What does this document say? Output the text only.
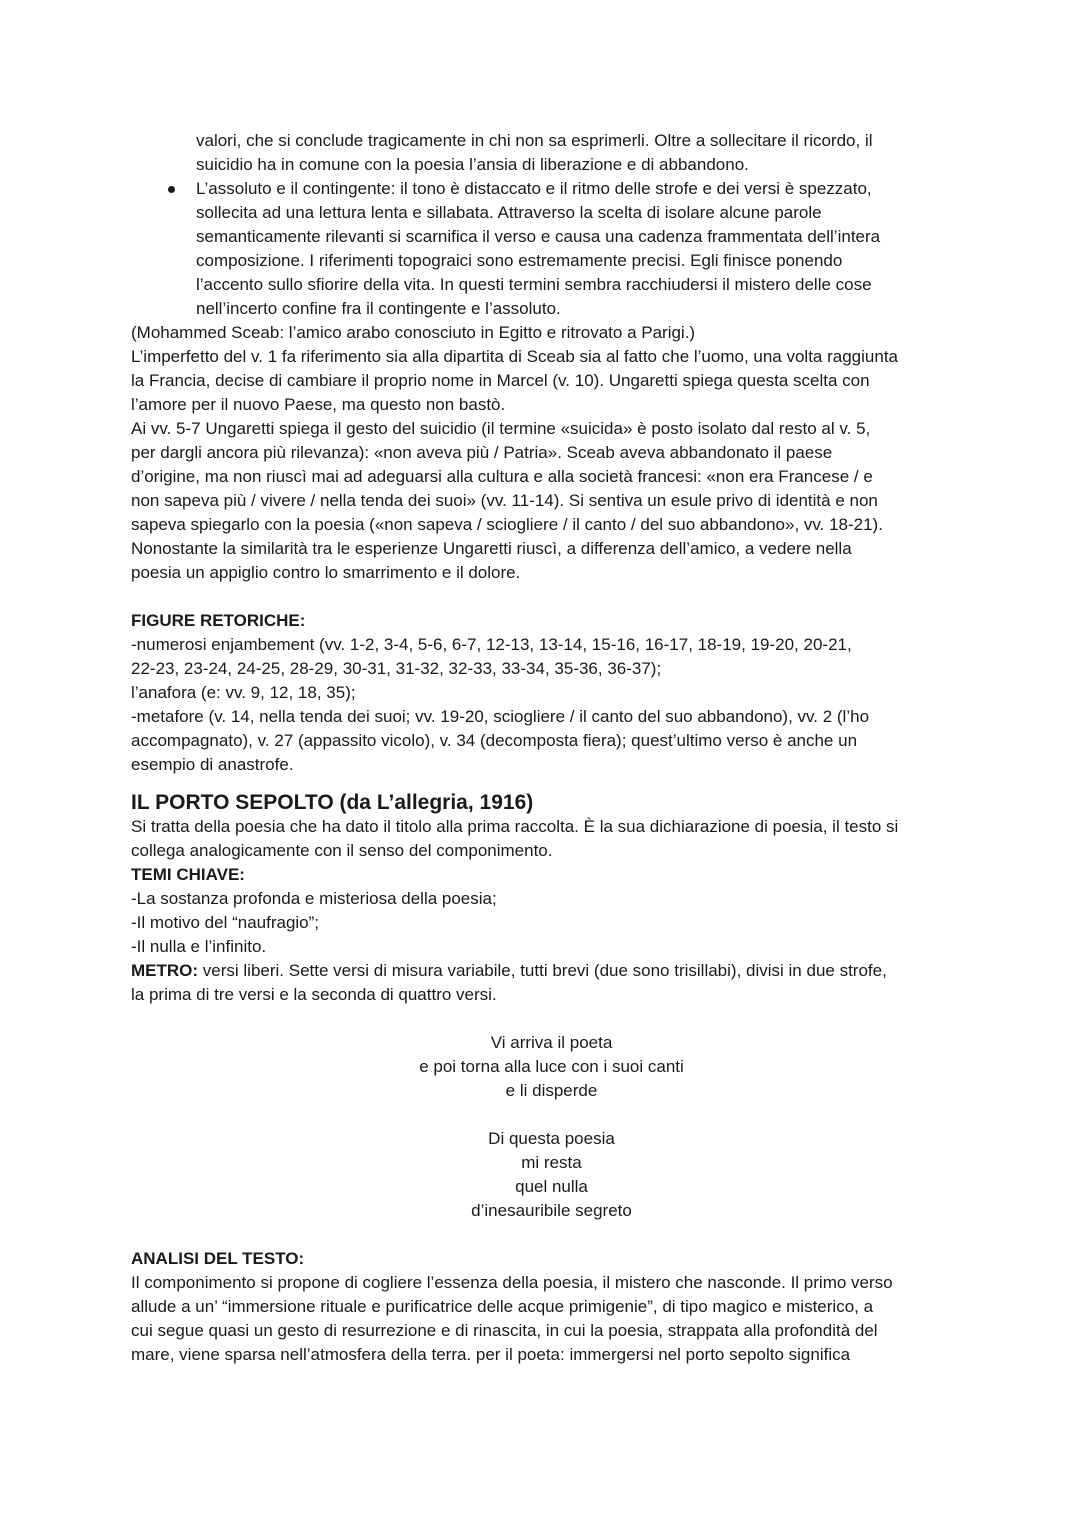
valori, che si conclude tragicamente in chi non sa esprimerli. Oltre a sollecitare il ricordo, il

suicidio ha in comune con la poesia l’ansia di liberazione e di abbandono.

L’assoluto e il contingente: il tono è distaccato e il ritmo delle strofe e dei versi è spezzato,

sollecita ad una lettura lenta e sillabata. Attraverso la scelta di isolare alcune parole

semanticamente rilevanti si scarnifica il verso e causa una cadenza frammentata dell’intera

composizione. I riferimenti topograici sono estremamente precisi. Egli finisce ponendo

l’accento sullo sfiorire della vita. In questi termini sembra racchiudersi il mistero delle cose

nell’incerto confine fra il contingente e l’assoluto.

(Mohammed Sceab: l’amico arabo conosciuto in Egitto e ritrovato a Parigi.)

L’imperfetto del v. 1 fa riferimento sia alla dipartita di Sceab sia al fatto che l’uomo, una volta raggiunta

la Francia, decise di cambiare il proprio nome in Marcel (v. 10). Ungaretti spiega questa scelta con

l’amore per il nuovo Paese, ma questo non bastò.

Ai vv. 5-7 Ungaretti spiega il gesto del suicidio (il termine «suicida» è posto isolato dal resto al v. 5,

per dargli ancora più rilevanza): «non aveva più / Patria». Sceab aveva abbandonato il paese

d’origine, ma non riuscì mai ad adeguarsi alla cultura e alla società francesi: «non era Francese / e

non sapeva più / vivere / nella tenda dei suoi» (vv. 11-14). Si sentiva un esule privo di identità e non

sapeva spiegarlo con la poesia («non sapeva / sciogliere / il canto / del suo abbandono», vv. 18-21).

Nonostante la similarità tra le esperienze Ungaretti riuscì, a differenza dell’amico, a vedere nella

poesia un appiglio contro lo smarrimento e il dolore.

FIGURE RETORICHE:

-numerosi enjambement (vv. 1-2, 3-4, 5-6, 6-7, 12-13, 13-14, 15-16, 16-17, 18-19, 19-20, 20-21,

22-23, 23-24, 24-25, 28-29, 30-31, 31-32, 32-33, 33-34, 35-36, 36-37);

l’anafora (e: vv. 9, 12, 18, 35);

-metafore (v. 14, nella tenda dei suoi; vv. 19-20, sciogliere / il canto del suo abbandono), vv. 2 (l’ho

accompagnato), v. 27 (appassito vicolo), v. 34 (decomposta fiera); quest’ultimo verso è anche un

esempio di anastrofe.

IL PORTO SEPOLTO (da L’allegria, 1916)

Si tratta della poesia che ha dato il titolo alla prima raccolta. È la sua dichiarazione di poesia, il testo si

collega analogicamente con il senso del componimento.

TEMI CHIAVE:

-La sostanza profonda e misteriosa della poesia;

-Il motivo del “naufragio”;

-Il nulla e l’infinito.

METRO: versi liberi. Sette versi di misura variabile, tutti brevi (due sono trisillabi), divisi in due strofe,

la prima di tre versi e la seconda di quattro versi.

Vi arriva il poeta

e poi torna alla luce con i suoi canti

e li disperde

Di questa poesia

mi resta

quel nulla

d’inesauribile segreto

ANALISI DEL TESTO:

Il componimento si propone di cogliere l’essenza della poesia, il mistero che nasconde. Il primo verso

allude a un’ “immersione rituale e purificatrice delle acque primigenie”, di tipo magico e misterico, a

cui segue quasi un gesto di resurrezione e di rinascita, in cui la poesia, strappata alla profondità del

mare, viene sparsa nell’atmosfera della terra. per il poeta: immergersi nel porto sepolto significa
